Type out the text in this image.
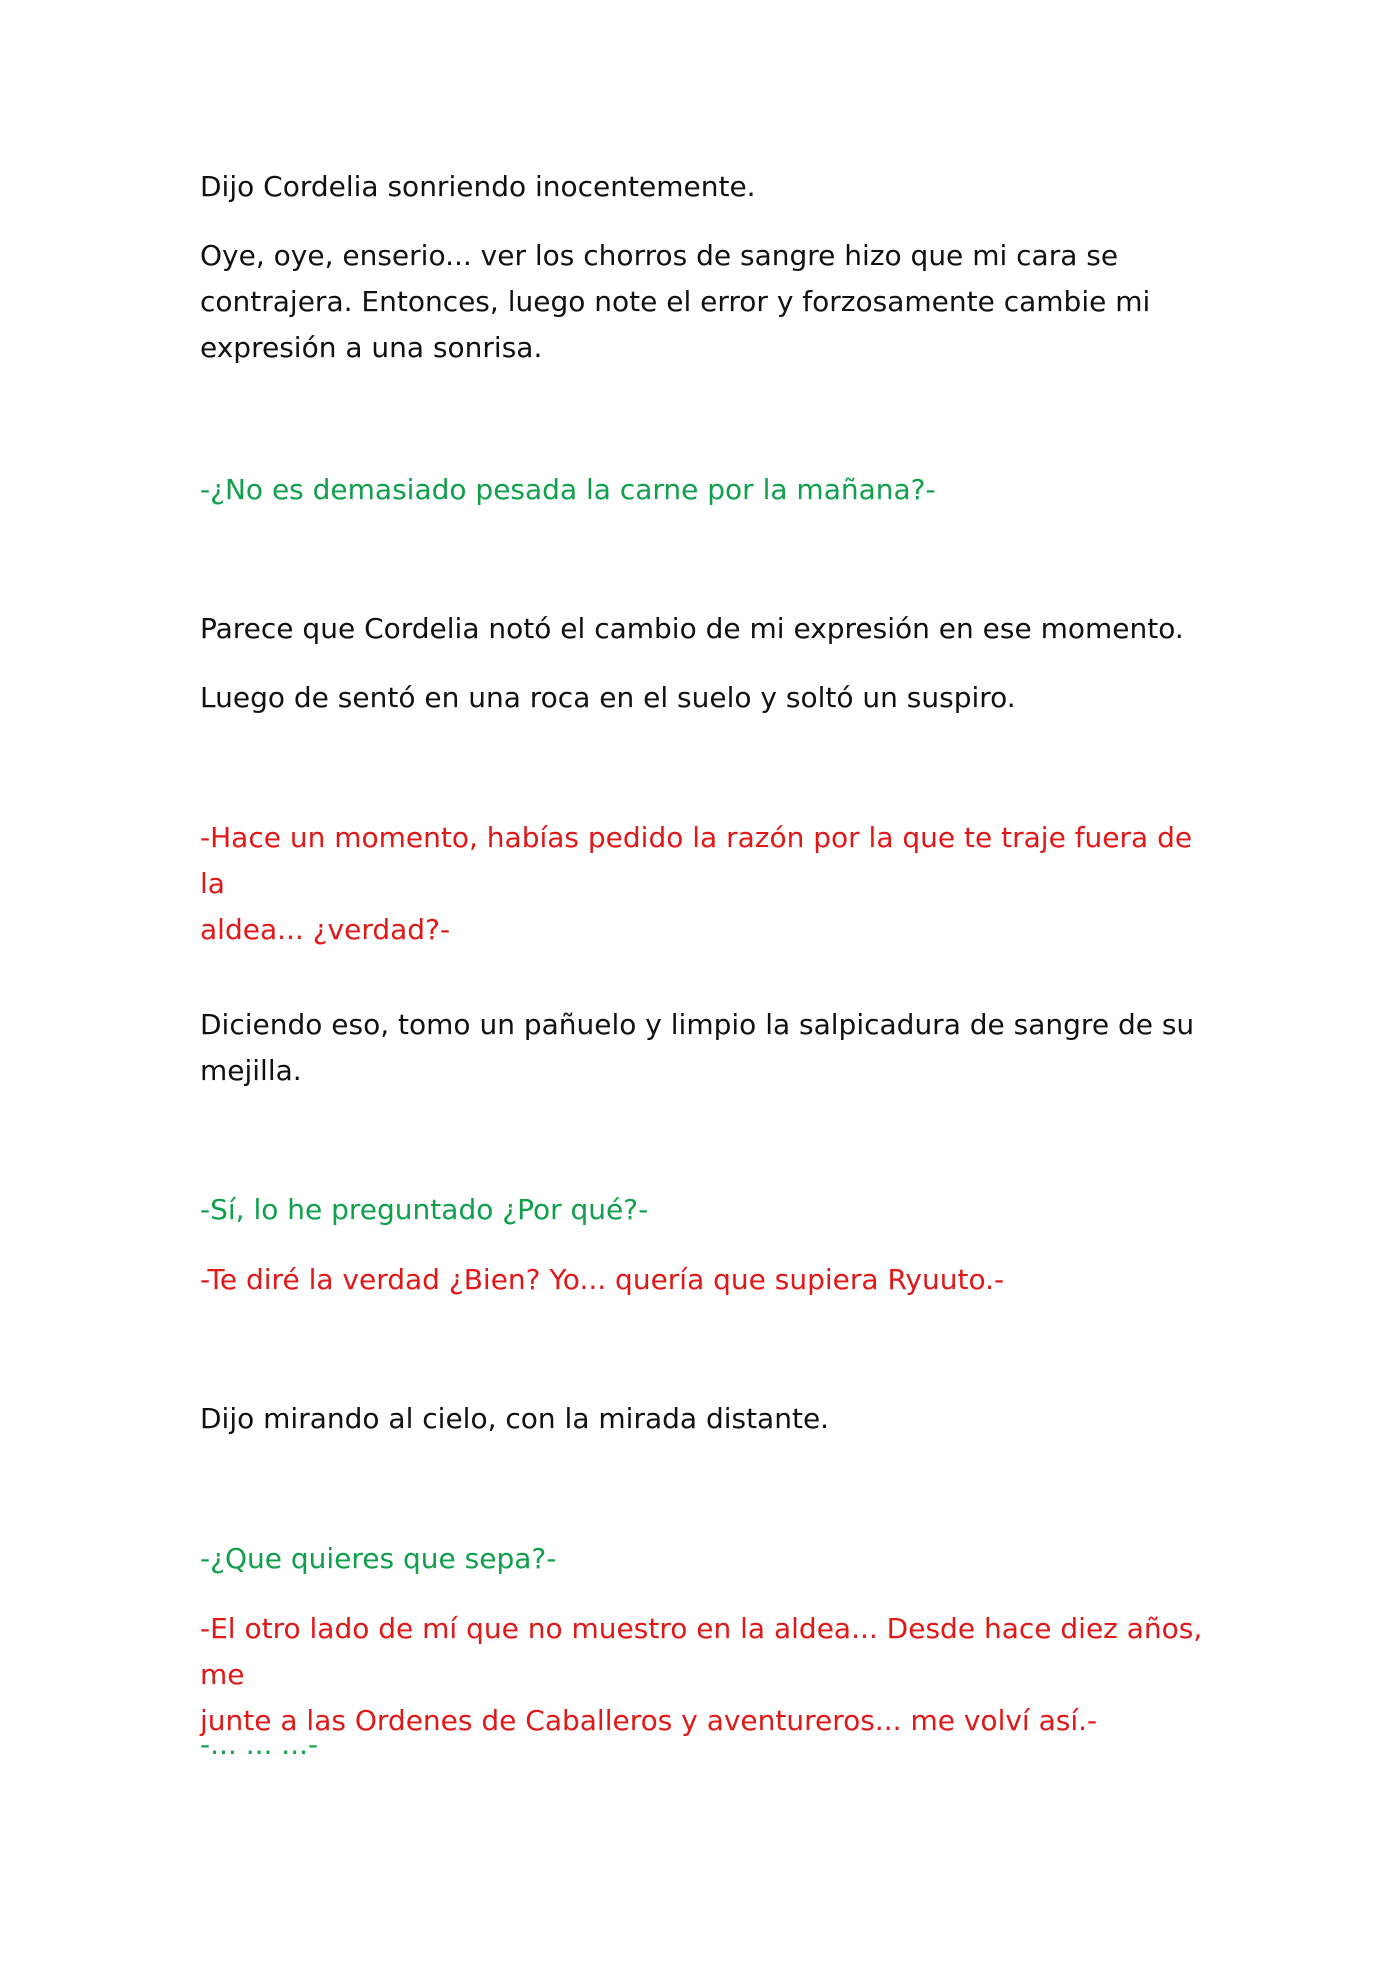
Dijo Cordelia sonriendo inocentemente.

Oye, oye, enserio... ver los chorros de sangre hizo que mi cara se
contrajera. Entonces, luego note el error y forzosamente cambie mi
expresión a una sonrisa.

-¿No es demasiado pesada la carne por la mañana?-

Parece que Cordelia notó el cambio de mi expresión en ese momento.

Luego de sentó en una roca en el suelo y soltó un suspiro.

-Hace un momento, habías pedido la razón por la que te traje fuera de la
aldea... ¿verdad?-

Diciendo eso, tomo un pañuelo y limpio la salpicadura de sangre de su
mejilla.

-Sí, lo he preguntado ¿Por qué?-

-Te diré la verdad ¿Bien? Yo... quería que supiera Ryuuto.-

Dijo mirando al cielo, con la mirada distante.

-¿Que quieres que sepa?-

-El otro lado de mí que no muestro en la aldea... Desde hace diez años, me
junte a las Ordenes de Caballeros y aventureros... me volví así.-

-... ... ...-
